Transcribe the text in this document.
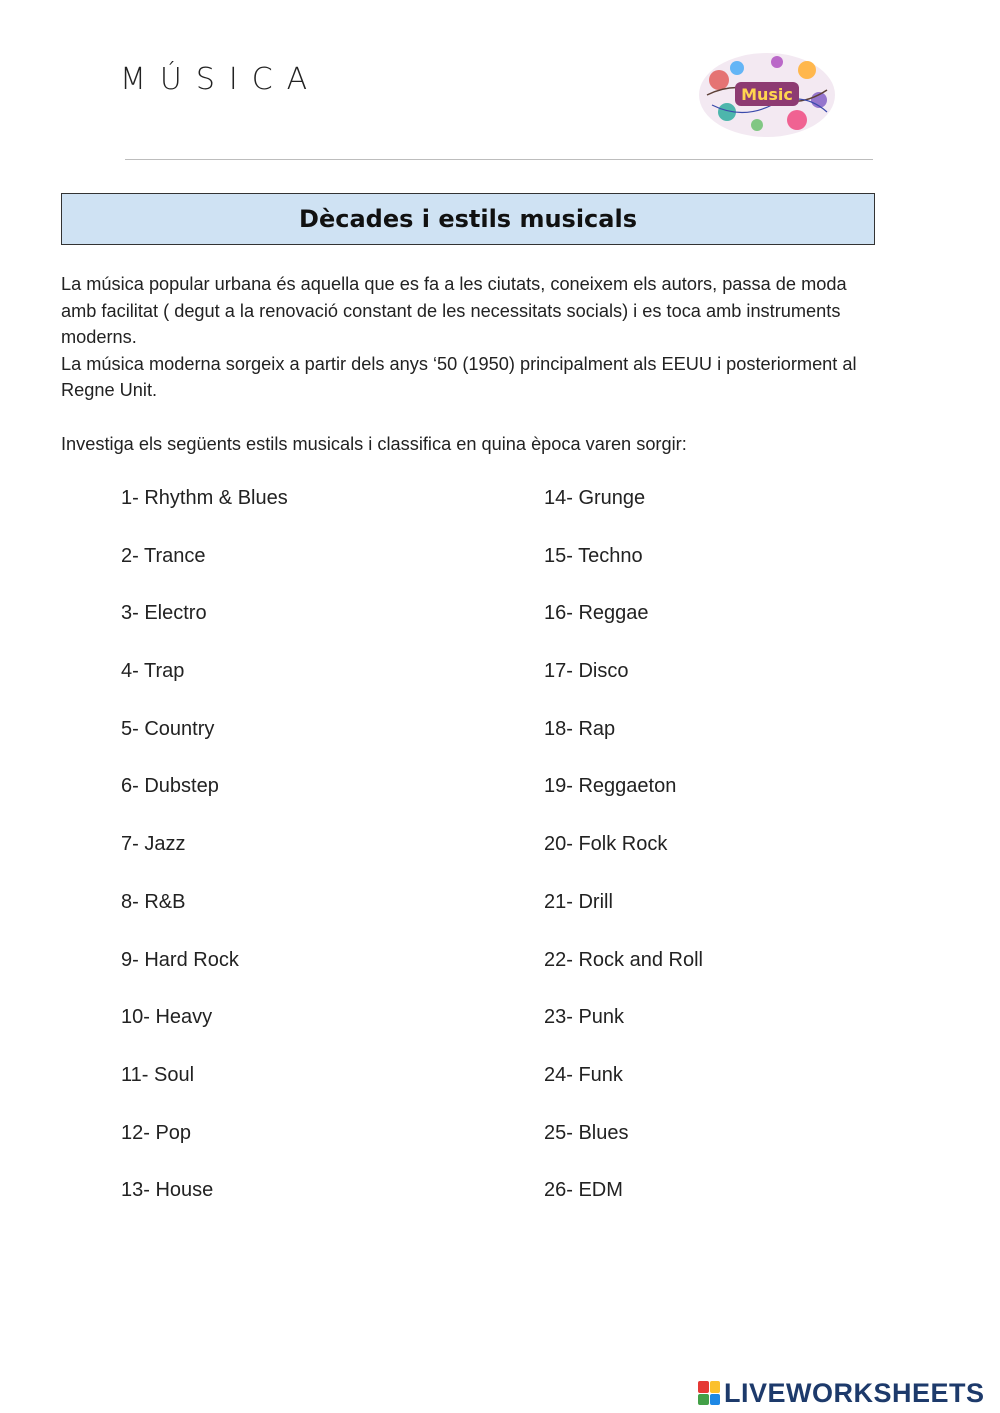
MÚSICA	Music
Dècades i estils musicals

La música popular urbana és aquella que es fa a les ciutats, coneixem els autors, passa de moda amb facilitat ( degut a la renovació constant de les necessitats socials) i es toca amb instruments moderns.

La música moderna sorgeix a partir dels anys ‘50 (1950) principalment als EEUU i posteriorment al Regne Unit.

Investiga els següents estils musicals i classifica en quina època varen sorgir:
1- Rhythm & Blues
2- Trance
3- Electro
4- Trap
5- Country
6- Dubstep
7- Jazz
8- R&B
9- Hard Rock
10- Heavy
11- Soul
12- Pop
13- House
14- Grunge
15- Techno
16- Reggae
17- Disco
18- Rap
19- Reggaeton
20- Folk Rock
21- Drill
22- Rock and Roll
23- Punk
24- Funk
25- Blues
26- EDM
LIVEWORKSHEETS
